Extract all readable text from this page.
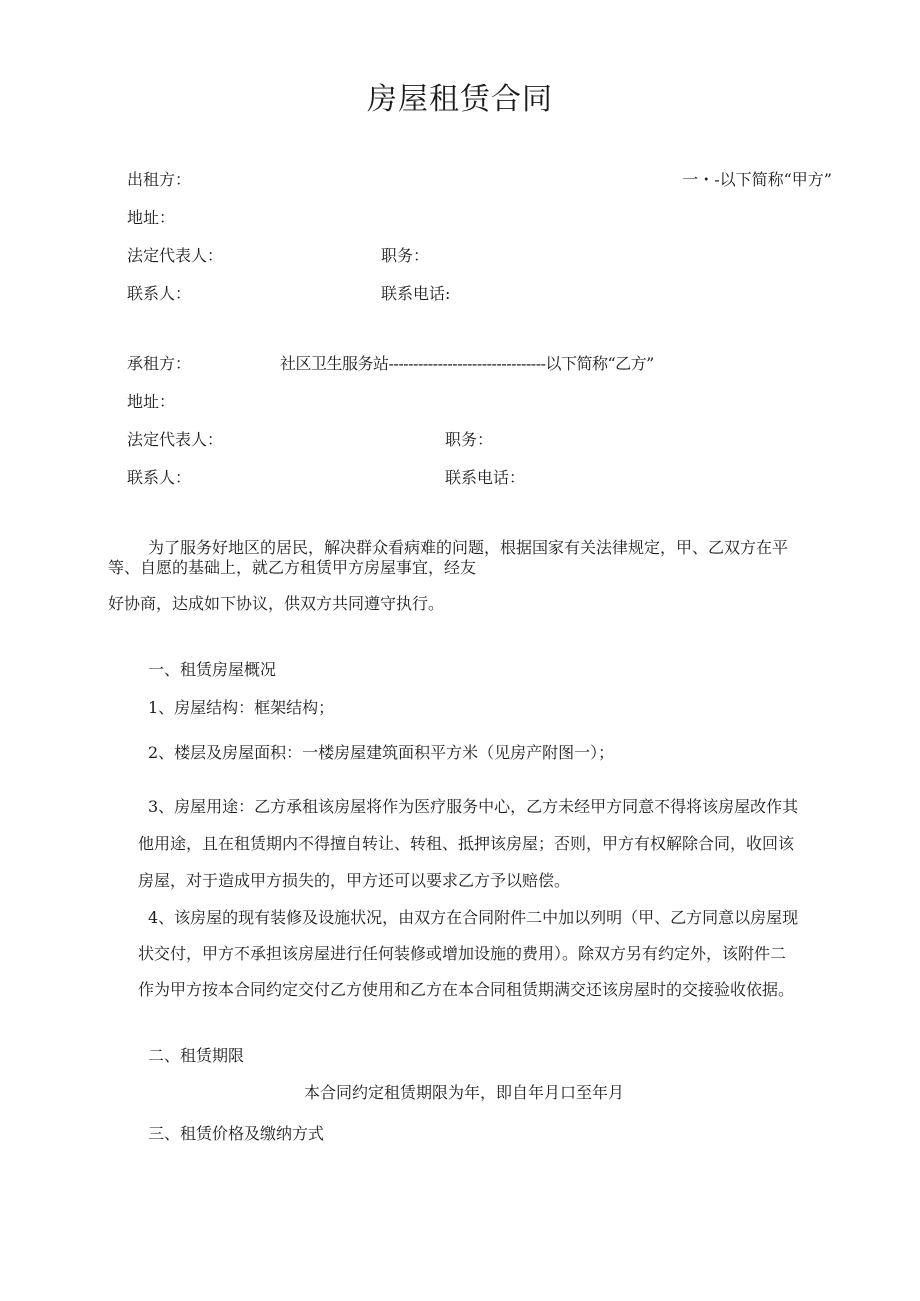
房屋租赁合同
出租方：	一・-以下简称“甲方”
地址：
法定代表人：	职务：
联系人：	联系电话:
承租方：	社区卫生服务站--------------------------------以下简称“乙方”
地址：
法定代表人：	职务：
联系人：	联系电话：
为了服务好地区的居民，解决群众看病难的问题，根据国家有关法律规定，甲、乙双方在平
等、自愿的基础上，就乙方租赁甲方房屋事宜，经友
好协商，达成如下协议，供双方共同遵守执行。
一、租赁房屋概况
1、房屋结构：框架结构；
2、楼层及房屋面积：一楼房屋建筑面积平方米（见房产附图一）；
3、房屋用途：乙方承租该房屋将作为医疗服务中心，乙方未经甲方同意不得将该房屋改作其
他用途，且在租赁期内不得擅自转让、转租、抵押该房屋；否则，甲方有权解除合同，收回该
房屋，对于造成甲方损失的，甲方还可以要求乙方予以赔偿。
4、该房屋的现有装修及设施状况，由双方在合同附件二中加以列明（甲、乙方同意以房屋现
状交付，甲方不承担该房屋进行任何装修或增加设施的费用）。除双方另有约定外，该附件二
作为甲方按本合同约定交付乙方使用和乙方在本合同租赁期满交还该房屋时的交接验收依据。
二、租赁期限
本合同约定租赁期限为年，即自年月口至年月
三、租赁价格及缴纳方式
